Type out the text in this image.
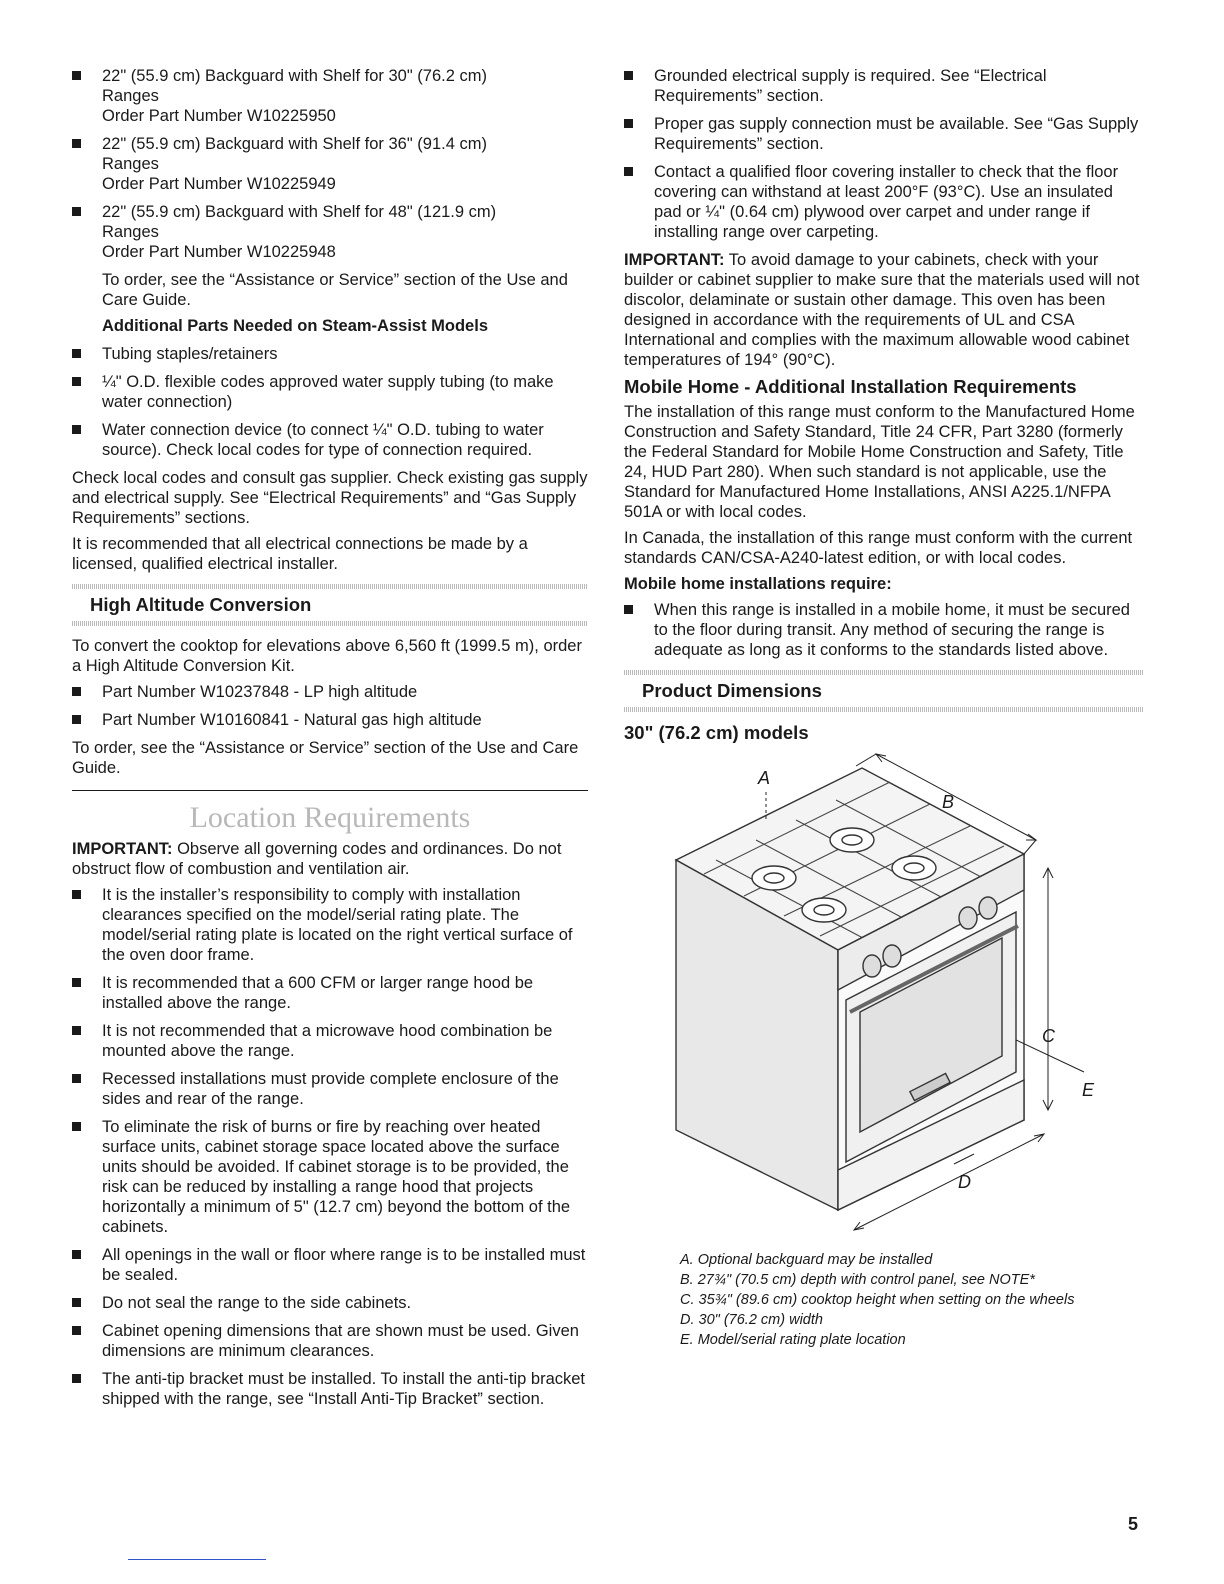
22" (55.9 cm) Backguard with Shelf for 30" (76.2 cm)
Ranges
Order Part Number W10225950
22" (55.9 cm) Backguard with Shelf for 36" (91.4 cm)
Ranges
Order Part Number W10225949
22" (55.9 cm) Backguard with Shelf for 48" (121.9 cm)
Ranges
Order Part Number W10225948

To order, see the “Assistance or Service” section of the Use and Care Guide.

Additional Parts Needed on Steam-Assist Models
Tubing staples/retainers
¼" O.D. flexible codes approved water supply tubing (to make water connection)
Water connection device (to connect ¼" O.D. tubing to water source). Check local codes for type of connection required.

Check local codes and consult gas supplier. Check existing gas supply and electrical supply. See “Electrical Requirements” and “Gas Supply Requirements” sections.

It is recommended that all electrical connections be made by a licensed, qualified electrical installer.

High Altitude Conversion

To convert the cooktop for elevations above 6,560 ft (1999.5 m), order a High Altitude Conversion Kit.

Part Number W10237848 - LP high altitude
Part Number W10160841 - Natural gas high altitude

To order, see the “Assistance or Service” section of the Use and Care Guide.

Location Requirements

IMPORTANT: Observe all governing codes and ordinances. Do not obstruct flow of combustion and ventilation air.

It is the installer’s responsibility to comply with installation clearances specified on the model/serial rating plate. The model/serial rating plate is located on the right vertical surface of the oven door frame.
It is recommended that a 600 CFM or larger range hood be installed above the range.
It is not recommended that a microwave hood combination be mounted above the range.
Recessed installations must provide complete enclosure of the sides and rear of the range.
To eliminate the risk of burns or fire by reaching over heated surface units, cabinet storage space located above the surface units should be avoided. If cabinet storage is to be provided, the risk can be reduced by installing a range hood that projects horizontally a minimum of 5" (12.7 cm) beyond the bottom of the cabinets.
All openings in the wall or floor where range is to be installed must be sealed.
Do not seal the range to the side cabinets.
Cabinet opening dimensions that are shown must be used. Given dimensions are minimum clearances.
The anti-tip bracket must be installed. To install the anti-tip bracket shipped with the range, see “Install Anti-Tip Bracket” section.
Grounded electrical supply is required. See “Electrical Requirements” section.
Proper gas supply connection must be available. See “Gas Supply Requirements” section.
Contact a qualified floor covering installer to check that the floor covering can withstand at least 200°F (93°C). Use an insulated pad or ¼" (0.64 cm) plywood over carpet and under range if installing range over carpeting.

IMPORTANT: To avoid damage to your cabinets, check with your builder or cabinet supplier to make sure that the materials used will not discolor, delaminate or sustain other damage. This oven has been designed in accordance with the requirements of UL and CSA International and complies with the maximum allowable wood cabinet temperatures of 194° (90°C).

Mobile Home - Additional Installation Requirements

The installation of this range must conform to the Manufactured Home Construction and Safety Standard, Title 24 CFR, Part 3280 (formerly the Federal Standard for Mobile Home Construction and Safety, Title 24, HUD Part 280). When such standard is not applicable, use the Standard for Manufactured Home Installations, ANSI A225.1/NFPA 501A or with local codes.

In Canada, the installation of this range must conform with the current standards CAN/CSA-A240-latest edition, or with local codes.

Mobile home installations require:
When this range is installed in a mobile home, it must be secured to the floor during transit. Any method of securing the range is adequate as long as it conforms to the standards listed above.
Product Dimensions
30" (76.2 cm) models
A
B
C
D
E
A. Optional backguard may be installed
B. 27¾" (70.5 cm) depth with control panel, see NOTE*
C. 35¾" (89.6 cm) cooktop height when setting on the wheels
D. 30" (76.2 cm) width
E. Model/serial rating plate location
5
